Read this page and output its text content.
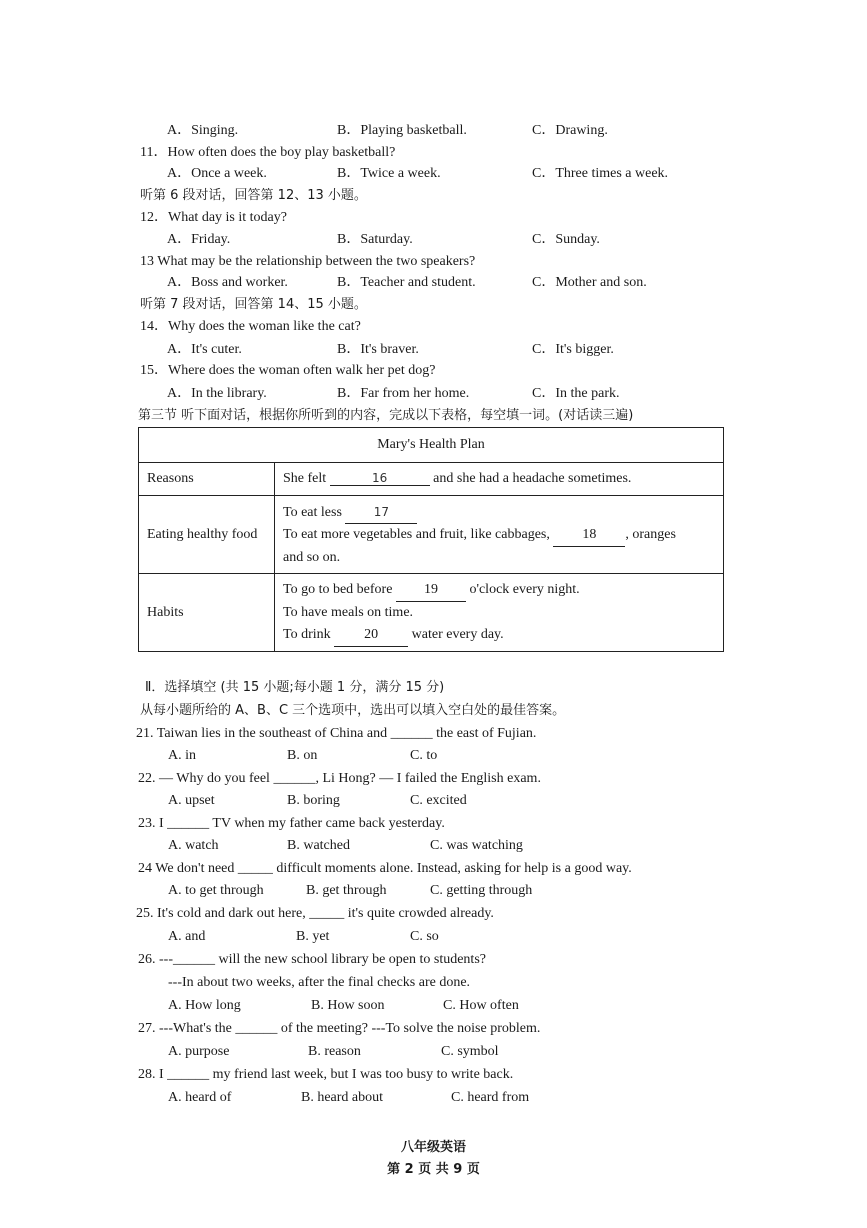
A．Singing.	B．Playing basketball.	C．Drawing.
11．How often does the boy play basketball?
A．Once a week.	B．Twice a week.	C．Three times a week.
听第 6 段对话，回答第 12、13 小题。
12．What day is it today?
A．Friday.	B．Saturday.	C．Sunday.
13 What may be the relationship between the two speakers?
A．Boss and worker.	B．Teacher and student.	C．Mother and son.
听第 7 段对话，回答第 14、15 小题。
14．Why does the woman like the cat?
A．It's cuter.	B．It's braver.	C．It's bigger.
15．Where does the woman often walk her pet dog?
A．In the library.	B．Far from her home.	C．In the park.
第三节 听下面对话，根据你所听到的内容，完成以下表格，每空填一词。(对话读三遍)
Mary's Health Plan	
Reasons	She felt 16 and she had a headache sometimes.
Eating healthy food	To eat less 17
To eat more vegetables and fruit, like cabbages, 18 , oranges
and so on.

Habits	To go to bed before 19 o'clock every night.
To have meals on time.
To drink 20 water every day.
Ⅱ．选择填空 (共 15 小题;每小题 1 分，满分 15 分)
从每小题所给的 A、B、C 三个选项中，选出可以填入空白处的最佳答案。
21. Taiwan lies in the southeast of China and ______ the east of Fujian.
A. in	B. on	C. to
22. — Why do you feel ______, Li Hong? — I failed the English exam.
A. upset	B. boring	C. excited
23. I ______ TV when my father came back yesterday.
A. watch	B. watched	C. was watching
24 We don't need _____ difficult moments alone. Instead, asking for help is a good way.
A. to get through	B. get through	C. getting through
25. It's cold and dark out here, _____ it's quite crowded already.
A. and	B. yet	C. so
26. ---______ will the new school library be open to students?
---In about two weeks, after the final checks are done.
A. How long	B. How soon	C. How often
27. ---What's the ______ of the meeting? ---To solve the noise problem.
A. purpose	B. reason	C. symbol
28. I ______ my friend last week, but I was too busy to write back.
A. heard of	B. heard about	C. heard from
八年级英语
第 2 页 共 9 页
